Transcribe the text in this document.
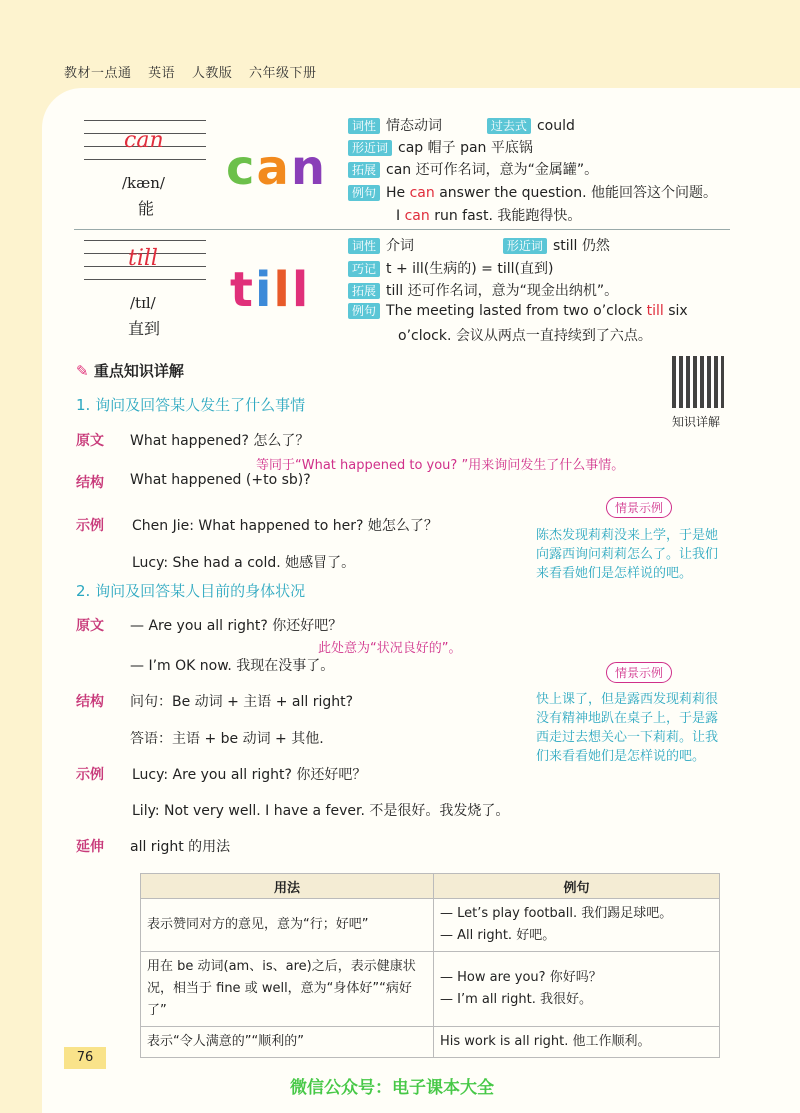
教材一点通 英语 人教版 六年级下册
can
/kæn/
能
can
词性 情态动词	过去式 could
形近词 cap 帽子 pan 平底锅
拓展 can 还可作名词，意为“金属罐”。
例句 He can answer the question. 他能回答这个问题。
I can run fast. 我能跑得快。
till
/tɪl/
直到
till
词性 介词	形近词 still 仍然
巧记 t + ill(生病的) = till(直到)
拓展 till 还可作名词，意为“现金出纳机”。
例句 The meeting lasted from two o’clock till six
o’clock. 会议从两点一直持续到了六点。
✎ 重点知识详解
知识详解
1. 询问及回答某人发生了什么事情
原文 What happened? 怎么了？
等同于“What happened to you? ”用来询问发生了什么事情。
结构 What happened (+to sb)?
示例 Chen Jie: What happened to her? 她怎么了？
Lucy: She had a cold. 她感冒了。
情景示例
陈杰发现莉莉没来上学，于是她向露西询问莉莉怎么了。让我们来看看她们是怎样说的吧。
2. 询问及回答某人目前的身体状况
原文 — Are you all right? 你还好吧？
此处意为“状况良好的”。
— I’m OK now. 我现在没事了。
结构 问句：Be 动词 + 主语 + all right?
答语：主语 + be 动词 + 其他.
示例 Lucy: Are you all right? 你还好吧？
Lily: Not very well. I have a fever. 不是很好。我发烧了。
情景示例
快上课了，但是露西发现莉莉很没有精神地趴在桌子上，于是露西走过去想关心一下莉莉。让我们来看看她们是怎样说的吧。
延伸 all right 的用法
用法	例句
表示赞同对方的意见，意为“行；好吧”	— Let’s play football. 我们踢足球吧。
— All right. 好吧。

用在 be 动词(am、is、are)之后，表示健康状况，相当于 fine 或 well，意为“身体好”“病好了”	— How are you? 你好吗？
— I’m all right. 我很好。

表示“令人满意的”“顺利的”	His work is all right. 他工作顺利。
76
微信公众号：电子课本大全
